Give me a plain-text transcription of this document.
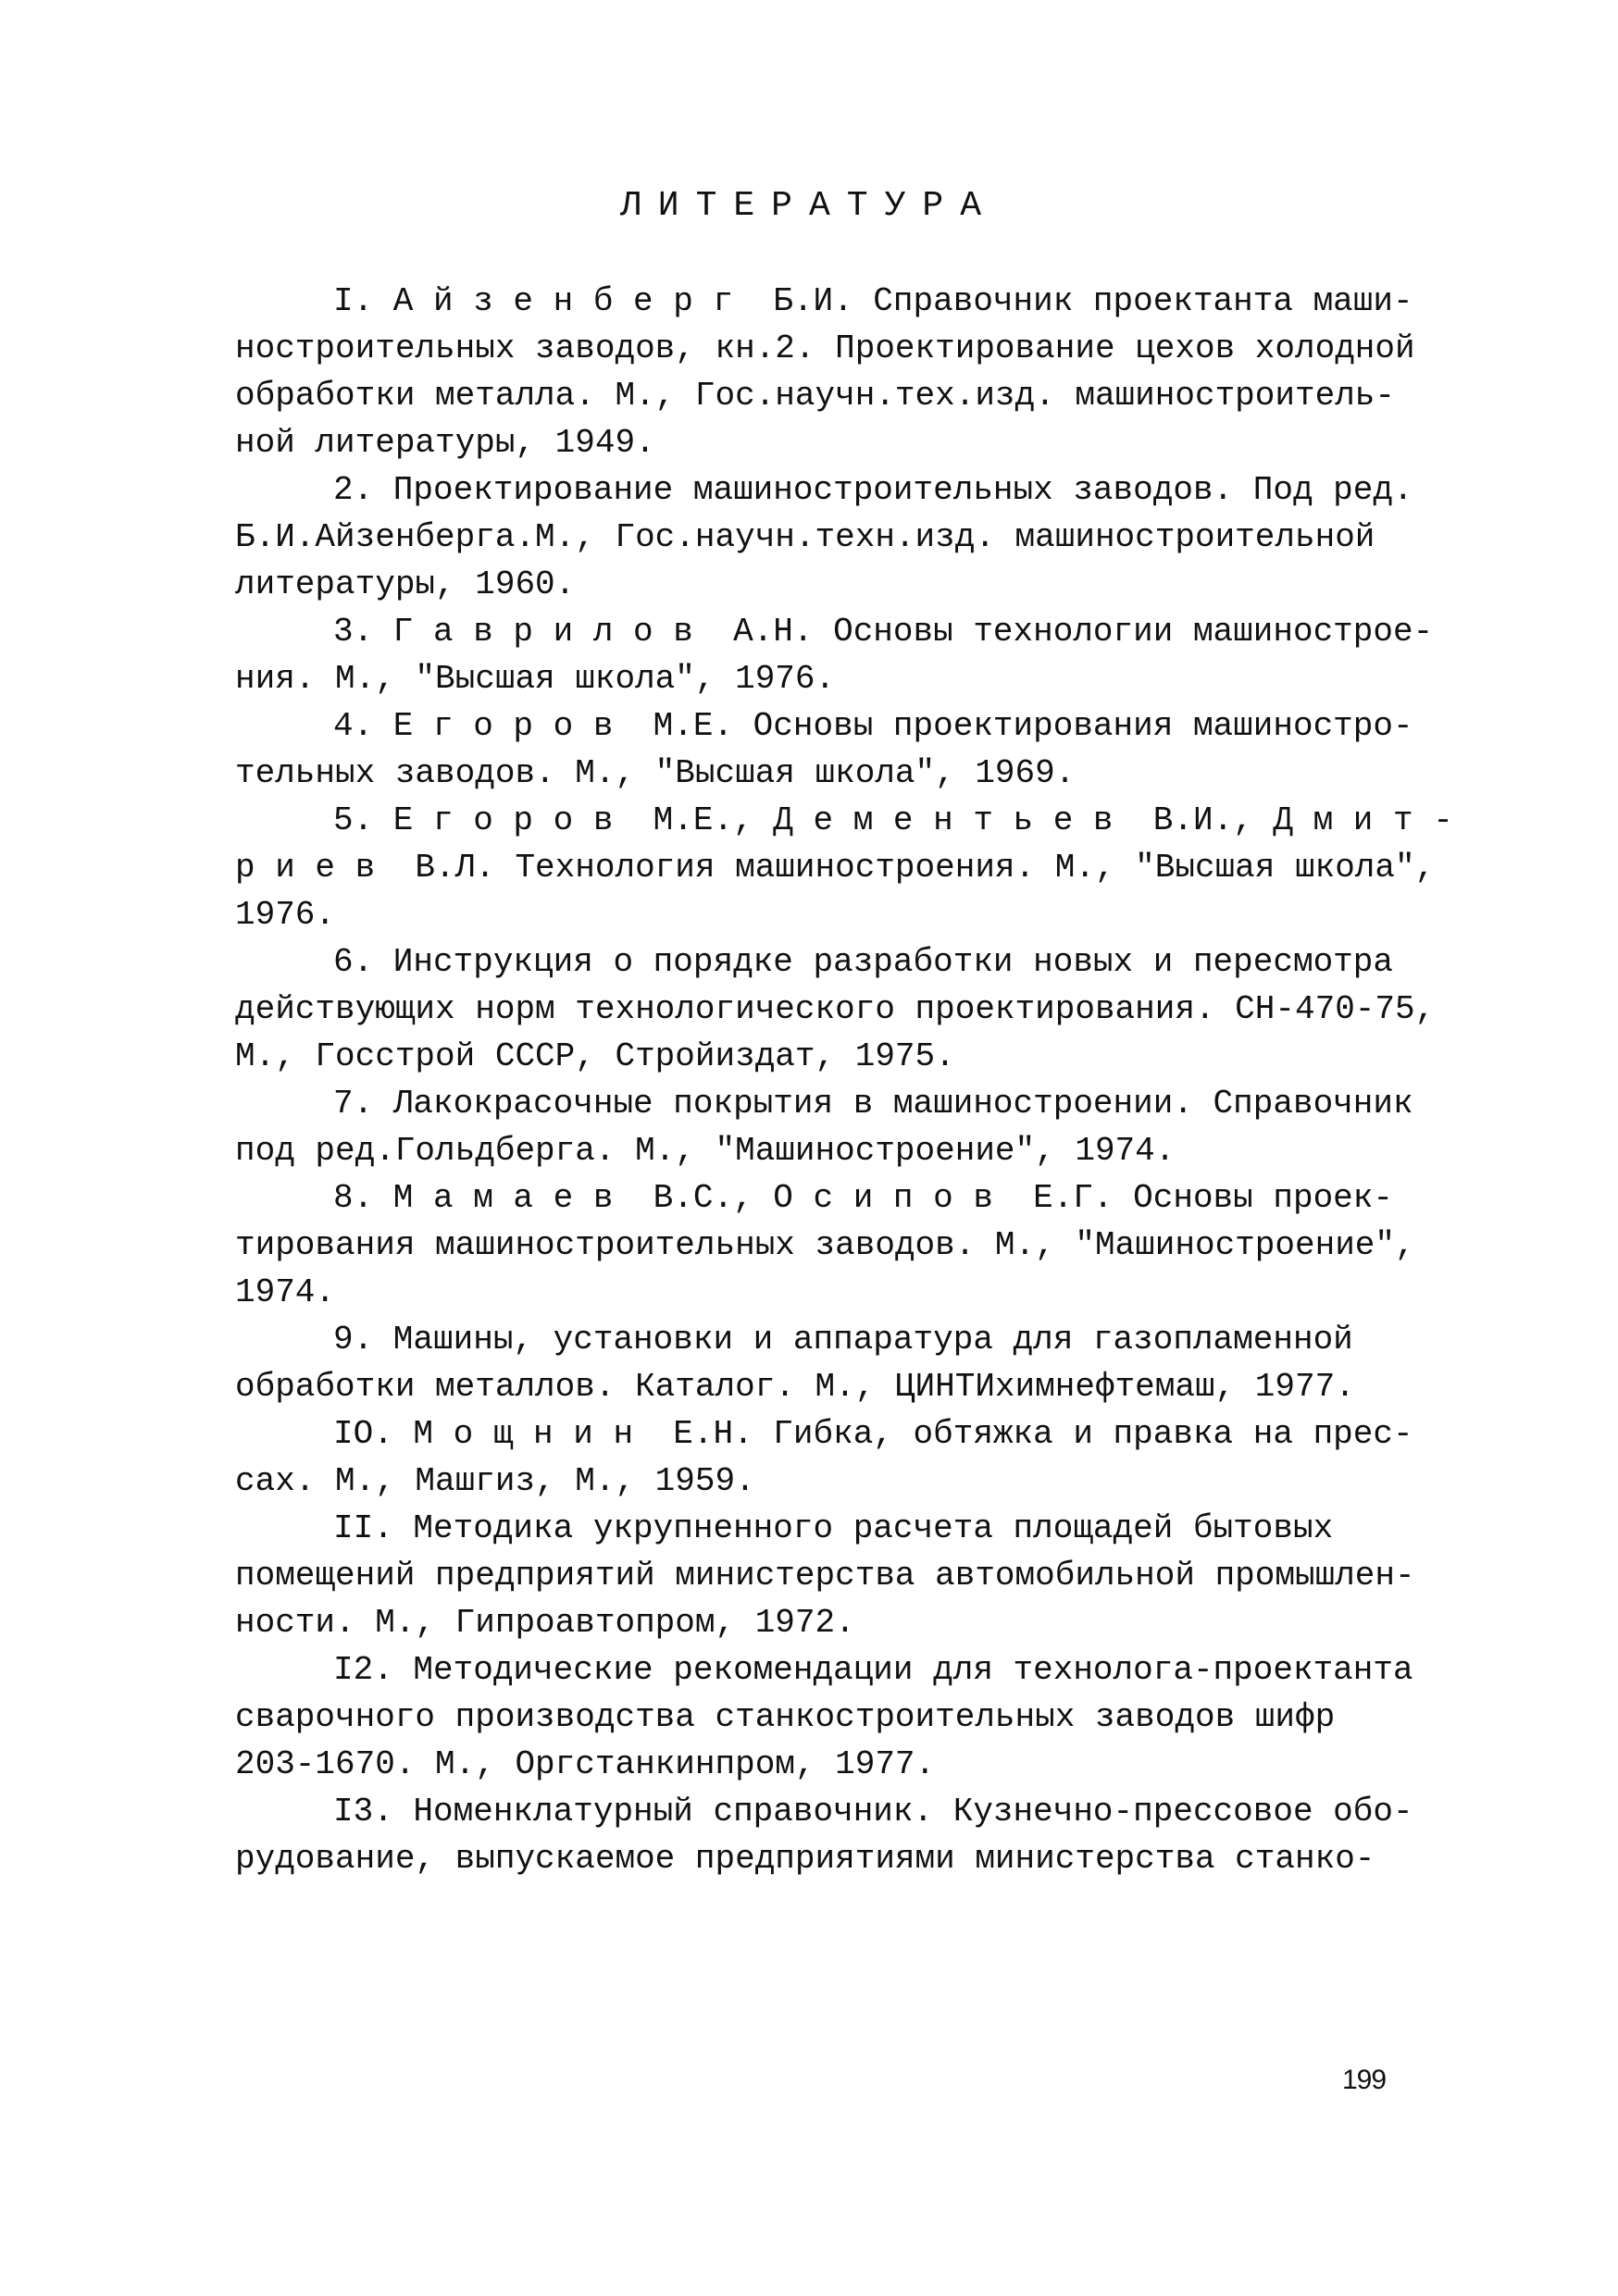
ЛИТЕРАТУРА
I. А й з е н б е р г  Б.И. Справочник проектанта маши-
ностроительных заводов, кн.2. Проектирование цехов холодной
обработки металла. М., Гос.научн.тех.изд. машиностроитель-
ной литературы, 1949.
2. Проектирование машиностроительных заводов. Под ред.
Б.И.Айзенберга.М., Гос.научн.техн.изд. машиностроительной
литературы, 1960.
3. Г а в р и л о в  А.Н. Основы технологии машинострое-
ния. М., "Высшая школа", 1976.
4. Е г о р о в  М.Е. Основы проектирования машиностро-
тельных заводов. М., "Высшая школа", 1969.
5. Е г о р о в  М.Е., Д е м е н т ь е в  В.И., Д м и т -
р и е в  В.Л. Технология машиностроения. М., "Высшая школа",
1976.
6. Инструкция о порядке разработки новых и пересмотра
действующих норм технологического проектирования. СН-470-75,
М., Госстрой СССР, Стройиздат, 1975.
7. Лакокрасочные покрытия в машиностроении. Справочник
под ред.Гольдберга. М., "Машиностроение", 1974.
8. М а м а е в  В.С., О с и п о в  Е.Г. Основы проек-
тирования машиностроительных заводов. М., "Машиностроение",
1974.
9. Машины, установки и аппаратура для газопламенной
обработки металлов. Каталог. М., ЦИНТИхимнефтемаш, 1977.
IO. М о щ н и н  Е.Н. Гибка, обтяжка и правка на прес-
сах. М., Машгиз, М., 1959.
II. Методика укрупненного расчета площадей бытовых
помещений предприятий министерства автомобильной промышлен-
ности. М., Гипроавтопром, 1972.
I2. Методические рекомендации для технолога-проектанта
сварочного производства станкостроительных заводов шифр
203-1670. М., Оргстанкинпром, 1977.
I3. Номенклатурный справочник. Кузнечно-прессовое обо-
рудование, выпускаемое предприятиями министерства станко-
199
